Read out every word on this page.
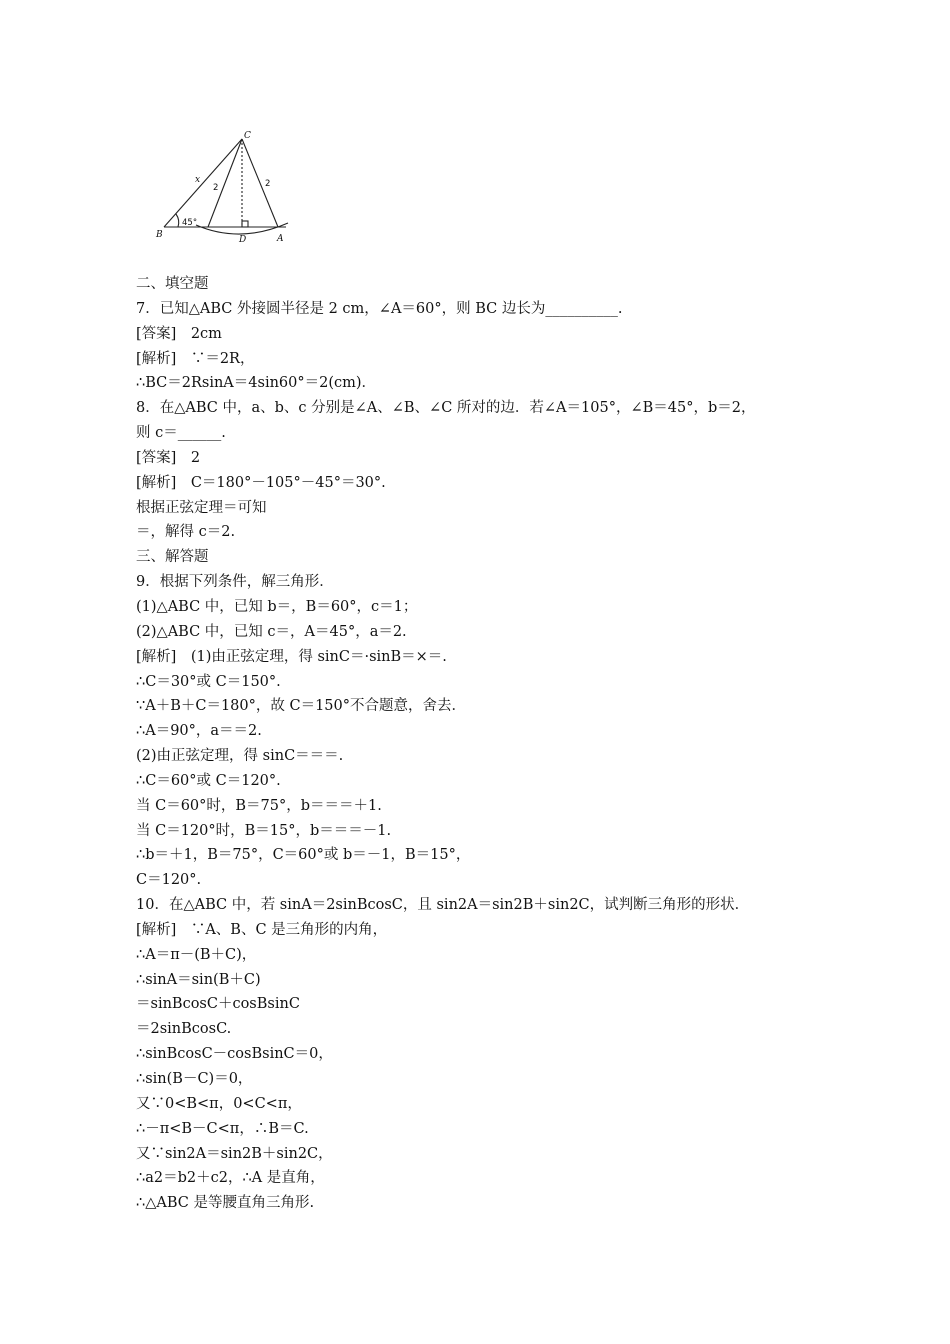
C
B	A
D
x
2	2
45°
二、填空题
7．已知△ABC 外接圆半径是 2 cm，∠A＝60°，则 BC 边长为__________.
[答案]　2cm
[解析]　∵＝2R，
∴BC＝2RsinA＝4sin60°＝2(cm)．
8．在△ABC 中，a、b、c 分别是∠A、∠B、∠C 所对的边．若∠A＝105°，∠B＝45°，b＝2，
则 c＝______.
[答案]　2
[解析]　C＝180°－105°－45°＝30°.
根据正弦定理＝可知
＝，解得 c＝2.
三、解答题
9．根据下列条件，解三角形．
(1)△ABC 中，已知 b＝，B＝60°，c＝1；
(2)△ABC 中，已知 c＝，A＝45°，a＝2.
[解析]　(1)由正弦定理，得 sinC＝·sinB＝×＝.
∴C＝30°或 C＝150°.
∵A＋B＋C＝180°，故 C＝150°不合题意，舍去．
∴A＝90°，a＝＝2.
(2)由正弦定理，得 sinC＝＝＝.
∴C＝60°或 C＝120°.
当 C＝60°时，B＝75°，b＝＝＝＋1.
当 C＝120°时，B＝15°，b＝＝＝－1.
∴b＝＋1，B＝75°，C＝60°或 b＝－1，B＝15°，
C＝120°.
10．在△ABC 中，若 sinA＝2sinBcosC，且 sin2A＝sin2B＋sin2C，试判断三角形的形状．
[解析]　∵A、B、C 是三角形的内角，
∴A＝π－(B＋C)，
∴sinA＝sin(B＋C)
＝sinBcosC＋cosBsinC
＝2sinBcosC.
∴sinBcosC－cosBsinC＝0，
∴sin(B－C)＝0，
又∵0<B<π，0<C<π，
∴－π<B－C<π，∴B＝C.
又∵sin2A＝sin2B＋sin2C，
∴a2＝b2＋c2，∴A 是直角，
∴△ABC 是等腰直角三角形.
